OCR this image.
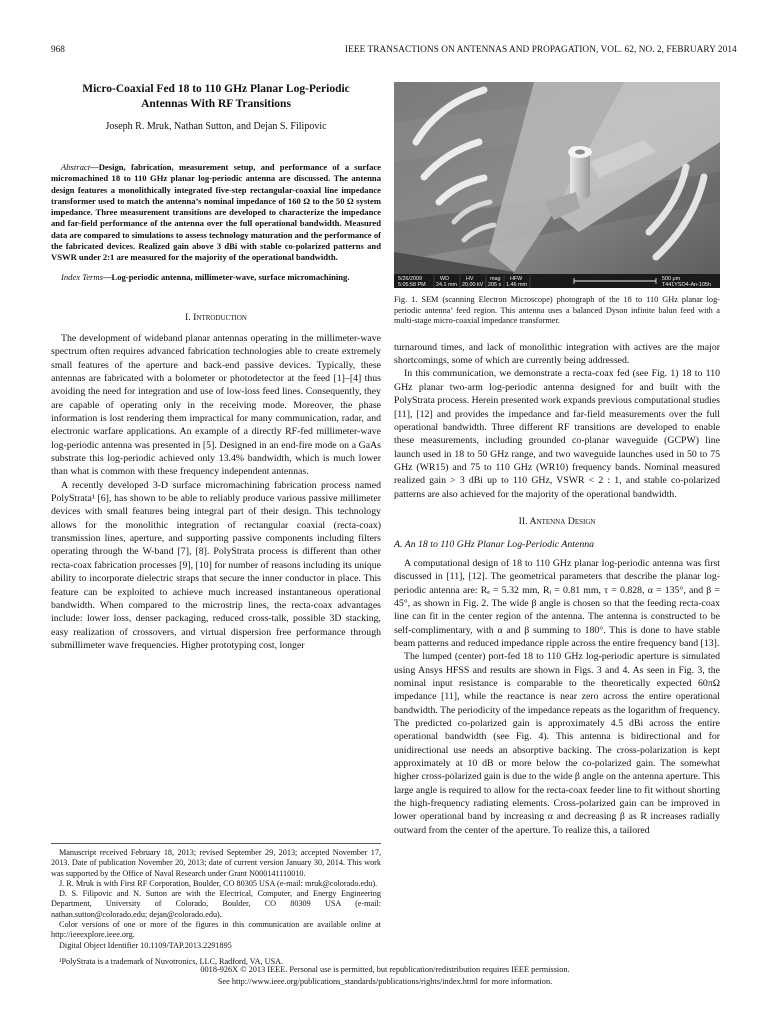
968	IEEE TRANSACTIONS ON ANTENNAS AND PROPAGATION, VOL. 62, NO. 2, FEBRUARY 2014
Micro-Coaxial Fed 18 to 110 GHz Planar Log-Periodic
Antennas With RF Transitions
Joseph R. Mruk, Nathan Sutton, and Dejan S. Filipovic

Abstract—Design, fabrication, measurement setup, and performance of a surface micromachined 18 to 110 GHz planar log-periodic antenna are discussed. The antenna design features a monolithically integrated five-step rectangular-coaxial line impedance transformer used to match the antenna’s nominal impedance of 160 Ω to the 50 Ω system impedance. Three measurement transitions are developed to characterize the impedance and far-field performance of the antenna over the full operational bandwidth. Measured data are compared to simulations to assess technology maturation and the performance of the fabricated devices. Realized gain above 3 dBi with stable co-polarized patterns and VSWR under 2:1 are measured for the majority of the operational bandwidth.

Index Terms—Log-periodic antenna, millimeter-wave, surface micromachining.

I. Introduction

The development of wideband planar antennas operating in the millimeter-wave spectrum often requires advanced fabrication technologies able to create extremely small features of the aperture and back-end passive devices. Typically, these antennas are fabricated with a bolometer or photodetector at the feed [1]–[4] thus avoiding the need for integration and use of low-loss feed lines. Consequently, they are capable of operating only in the receiving mode. Moreover, the phase information is lost rendering them impractical for many communication, radar, and electronic warfare applications. An example of a directly RF-fed millimeter-wave log-periodic antenna was presented in [5]. Designed in an end-fire mode on a GaAs substrate this log-periodic achieved only 13.4% bandwidth, which is much lower than what is common with these frequency independent antennas.

A recently developed 3-D surface micromachining fabrication process named PolyStrata¹ [6], has shown to be able to reliably produce various passive millimeter devices with small features being integral part of their design. This technology allows for the monolithic integration of rectangular coaxial (recta-coax) transmission lines, aperture, and supporting passive components including filters operating through the W-band [7], [8]. PolyStrata process is different than other recta-coax fabrication processes [9], [10] for number of reasons including its unique ability to incorporate dielectric straps that secure the inner conductor in place. This feature can be exploited to achieve much increased instantaneous operational bandwidth. When compared to the microstrip lines, the recta-coax advantages include: lower loss, denser packaging, reduced cross-talk, possible 3D stacking, easy realization of crossovers, and virtual dispersion free performance through submillimeter wave frequencies. Higher prototyping cost, longer

Manuscript received February 18, 2013; revised September 29, 2013; accepted November 17, 2013. Date of publication November 20, 2013; date of current version January 30, 2014. This work was supported by the Office of Naval Research under Grant N000141110010.

J. R. Mruk is with First RF Corporation, Boulder, CO 80305 USA (e-mail: mruk@colorado.edu).

D. S. Filipovic and N. Sutton are with the Electrical, Computer, and Energy Engineering Department, University of Colorado, Boulder, CO 80309 USA (e-mail: nathan.sutton@colorado.edu; dejan@colorado.edu).

Color versions of one or more of the figures in this communication are available online at http://ieeexplore.ieee.org.

Digital Object Identifier 10.1109/TAP.2013.2291895

¹PolyStrata is a trademark of Nuvotronics, LLC, Radford, VA, USA.

5/26/2009
5:05:58 PM
WD
24.1 mm
HV
20.00 kV
mag
205 x
HFW
1.46 mm
500 μm
T441YSO4-An-105h

Fig. 1. SEM (scanning Electron Microscope) photograph of the 18 to 110 GHz planar log-periodic antenna’ feed region. This antenna uses a balanced Dyson infinite balun feed with a multi-stage micro-coaxial impedance transformer.

turnaround times, and lack of monolithic integration with actives are the major shortcomings, some of which are currently being addressed.

In this communication, we demonstrate a recta-coax fed (see Fig. 1) 18 to 110 GHz planar two-arm log-periodic antenna designed for and built with the PolyStrata process. Herein presented work expands previous computational studies [11], [12] and provides the impedance and far-field measurements over the full operational bandwidth. Three different RF transitions are developed to enable these measurements, including grounded co-planar waveguide (GCPW) line launch used in 18 to 50 GHz range, and two waveguide launches used in 50 to 75 GHz (WR15) and 75 to 110 GHz (WR10) frequency bands. Nominal measured realized gain > 3 dBi up to 110 GHz, VSWR < 2 : 1, and stable co-polarized patterns are also achieved for the majority of the operational bandwidth.

II. Antenna Design
A. An 18 to 110 GHz Planar Log-Periodic Antenna

A computational design of 18 to 110 GHz planar log-periodic antenna was first discussed in [11], [12]. The geometrical parameters that describe the planar log-periodic antenna are: Rₑ = 5.32 mm, Rᵢ = 0.81 mm, τ = 0.828, α = 135°, and β = 45°, as shown in Fig. 2. The wide β angle is chosen so that the feeding recta-coax line can fit in the center region of the antenna. The antenna is constructed to be self-complimentary, with α and β summing to 180°. This is done to have stable beam patterns and reduced impedance ripple across the entire frequency band [13].

The lumped (center) port-fed 18 to 110 GHz log-periodic aperture is simulated using Ansys HFSS and results are shown in Figs. 3 and 4. As seen in Fig. 3, the nominal input resistance is comparable to the theoretically expected 60πΩ impedance [11], while the reactance is near zero across the entire operational bandwidth. The periodicity of the impedance repeats as the logarithm of frequency. The predicted co-polarized gain is approximately 4.5 dBi across the entire operational bandwidth (see Fig. 4). This antenna is bidirectional and for unidirectional use needs an absorptive backing. The cross-polarization is kept approximately at 10 dB or more below the co-polarized gain. The somewhat higher cross-polarized gain is due to the wide β angle on the antenna aperture. This large angle is required to allow for the recta-coax feeder line to fit without shorting the high-frequency radiating elements. Cross-polarized gain can be improved in lower operational band by increasing α and decreasing β as R increases radially outward from the center of the aperture. To realize this, a tailored

0018-926X © 2013 IEEE. Personal use is permitted, but republication/redistribution requires IEEE permission.
See http://www.ieee.org/publications_standards/publications/rights/index.html for more information.
